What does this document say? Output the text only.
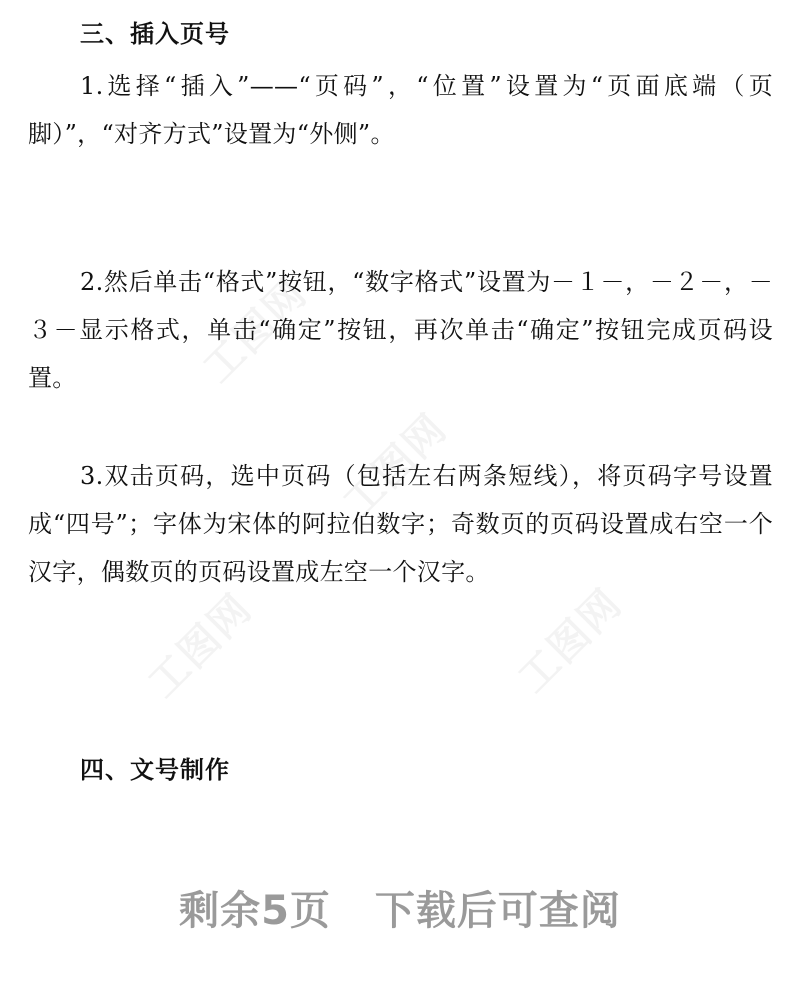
工图网
工图网
工图网	工图网
三、插入页号

1.选择“插入”——“页码”，“位置”设置为“页面底端（页脚）”，“对齐方式”设置为“外侧”。

2.然后单击“格式”按钮，“数字格式”设置为－１－，－２－，－３－显示格式，单击“确定”按钮，再次单击“确定”按钮完成页码设置。

3.双击页码，选中页码（包括左右两条短线），将页码字号设置成“四号”；字体为宋体的阿拉伯数字；奇数页的页码设置成右空一个汉字，偶数页的页码设置成左空一个汉字。

四、文号制作
剩余5页 下载后可查阅
